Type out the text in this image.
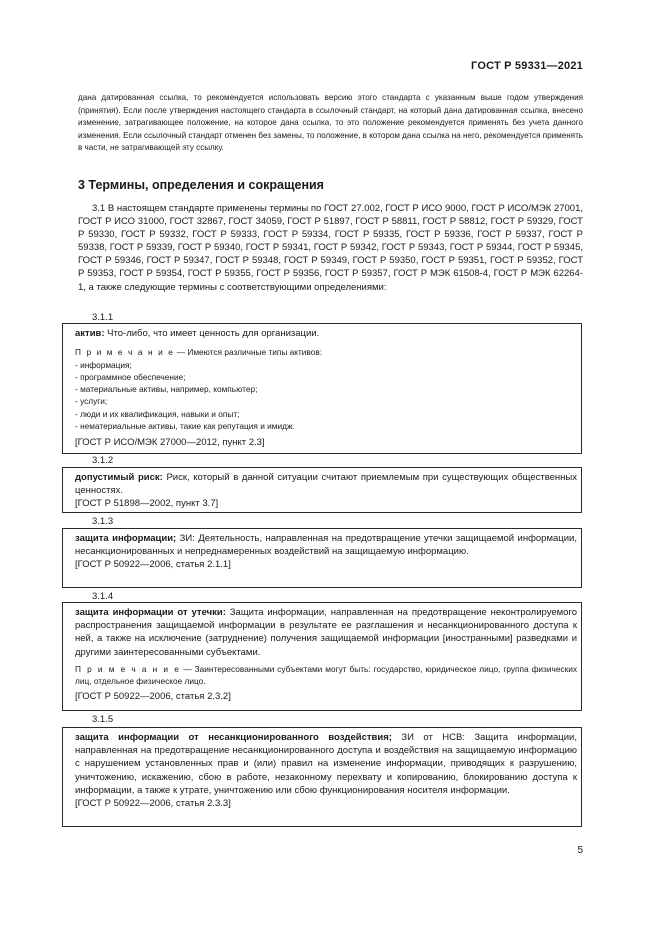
ГОСТ Р 59331—2021
дана датированная ссылка, то рекомендуется использовать версию этого стандарта с указанным выше годом утверждения (принятия). Если после утверждения настоящего стандарта в ссылочный стандарт, на который дана датированная ссылка, внесено изменение, затрагивающее положение, на которое дана ссылка, то это положение рекомендуется применять без учета данного изменения. Если ссылочный стандарт отменен без замены, то положение, в котором дана ссылка на него, рекомендуется применять в части, не затрагивающей эту ссылку.
3 Термины, определения и сокращения
3.1 В настоящем стандарте применены термины по ГОСТ 27.002, ГОСТ Р ИСО 9000, ГОСТ Р ИСО/МЭК 27001, ГОСТ Р ИСО 31000, ГОСТ 32867, ГОСТ 34059, ГОСТ Р 51897, ГОСТ Р 58811, ГОСТ Р 58812, ГОСТ Р 59329, ГОСТ Р 59330, ГОСТ Р 59332, ГОСТ Р 59333, ГОСТ Р 59334, ГОСТ Р 59335, ГОСТ Р 59336, ГОСТ Р 59337, ГОСТ Р 59338, ГОСТ Р 59339, ГОСТ Р 59340, ГОСТ Р 59341, ГОСТ Р 59342, ГОСТ Р 59343, ГОСТ Р 59344, ГОСТ Р 59345, ГОСТ Р 59346, ГОСТ Р 59347, ГОСТ Р 59348, ГОСТ Р 59349, ГОСТ Р 59350, ГОСТ Р 59351, ГОСТ Р 59352, ГОСТ Р 59353, ГОСТ Р 59354, ГОСТ Р 59355, ГОСТ Р 59356, ГОСТ Р 59357, ГОСТ Р МЭК 61508-4, ГОСТ Р МЭК 62264-1, а также следующие термины с соответствующими определениями:
3.1.1

актив: Что-либо, что имеет ценность для организации.

П р и м е ч а н и е — Имеются различные типы активов:

- информация;
- программное обеспечение;
- материальные активы, например, компьютер;
- услуги;
- люди и их квалификация, навыки и опыт;
- нематериальные активы, такие как репутация и имидж.

[ГОСТ Р ИСО/МЭК 27000—2012, пункт 2.3]

3.1.2

допустимый риск: Риск, который в данной ситуации считают приемлемым при существующих общественных ценностях.

[ГОСТ Р 51898—2002, пункт 3.7]

3.1.3

защита информации; ЗИ: Деятельность, направленная на предотвращение утечки защищаемой информации, несанкционированных и непреднамеренных воздействий на защищаемую информацию.

[ГОСТ Р 50922—2006, статья 2.1.1]

3.1.4

защита информации от утечки: Защита информации, направленная на предотвращение неконтролируемого распространения защищаемой информации в результате ее разглашения и несанкционированного доступа к ней, а также на исключение (затруднение) получения защищаемой информации [иностранными] разведками и другими заинтересованными субъектами.

П р и м е ч а н и е — Заинтересованными субъектами могут быть: государство, юридическое лицо, группа физических лиц, отдельное физическое лицо.

[ГОСТ Р 50922—2006, статья 2.3.2]

3.1.5

защита информации от несанкционированного воздействия; ЗИ от НСВ: Защита информации, направленная на предотвращение несанкционированного доступа и воздействия на защищаемую информацию с нарушением установленных прав и (или) правил на изменение информации, приводящих к разрушению, уничтожению, искажению, сбою в работе, незаконному перехвату и копированию, блокированию доступа к информации, а также к утрате, уничтожению или сбою функционирования носителя информации.

[ГОСТ Р 50922—2006, статья 2.3.3]

5
